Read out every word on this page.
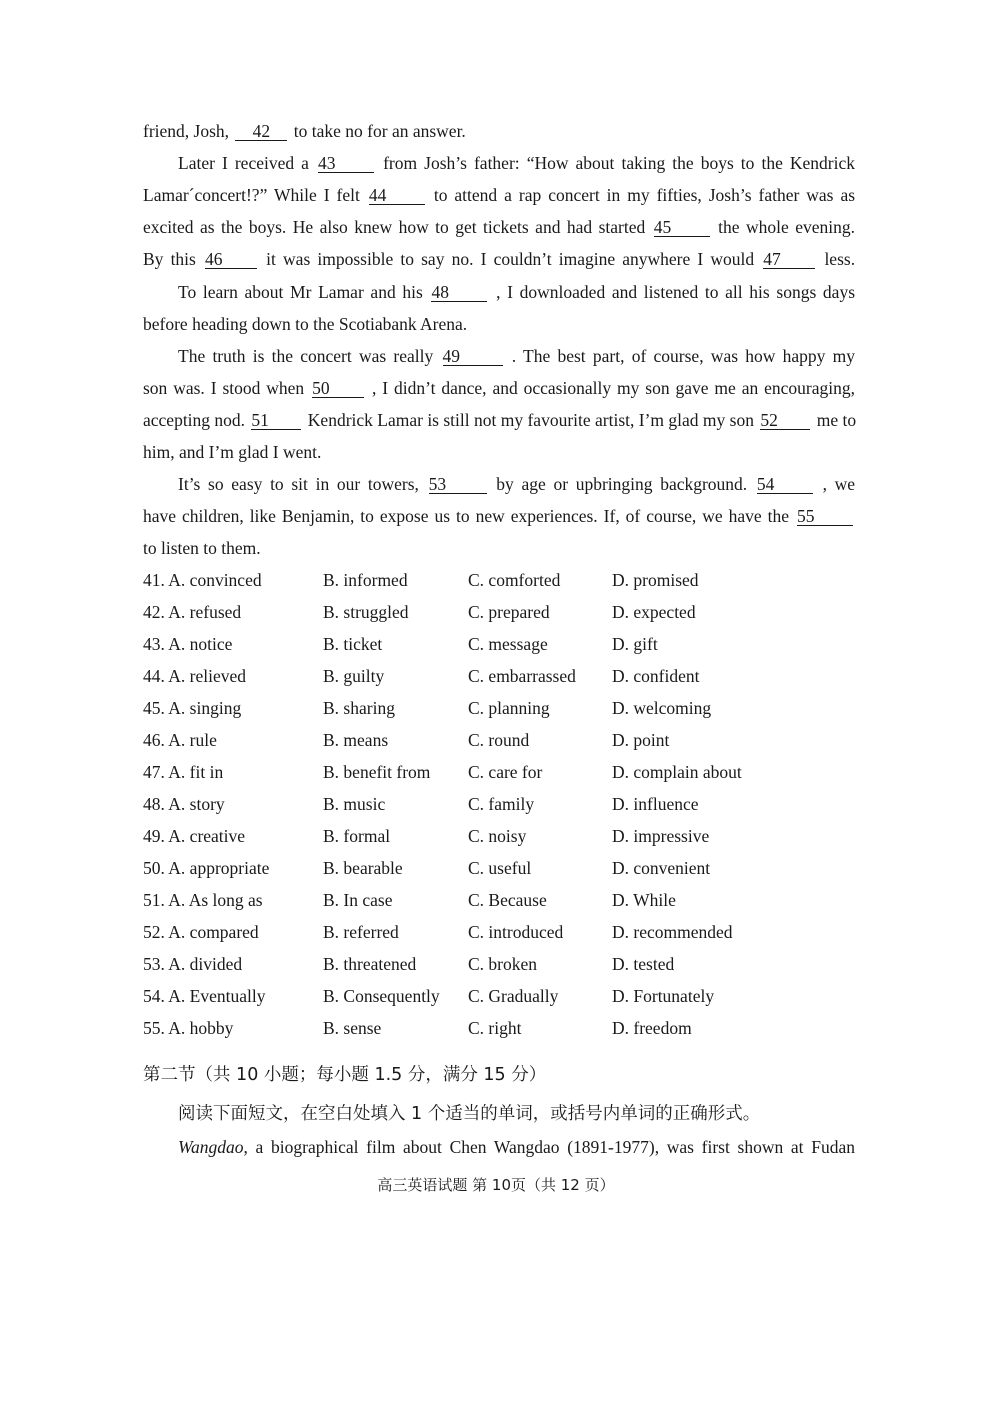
friend, Josh, 42 to take no for an answer.
Later I received a 43	from Josh’s father: “How about taking the boys to the Kendrick
Lamar´concert!?” While I felt 44	to attend a rap concert in my fifties, Josh’s father was as
excited as the boys. He also knew how to get tickets and had started 45	the whole evening.
By this 46 it was impossible to say no. I couldn’t imagine anywhere I would 47 less.
To learn about Mr Lamar and his 48	, I downloaded and listened to all his songs days
before heading down to the Scotiabank Arena.
The truth is the concert was really 49	. The best part, of course, was how happy my
son was. I stood when 50 , I didn’t dance, and occasionally my son gave me an encouraging,
accepting nod. 51 Kendrick Lamar is still not my favourite artist, I’m glad my son 52 me to
him, and I’m glad I went.
It’s so easy to sit in our towers, 53	by age or upbringing background. 54	, we
have children, like Benjamin, to expose us to new experiences. If, of course, we have the 55
to listen to them.
41. A. convinced	B. informed	C. comforted	D. promised
42. A. refused	B. struggled	C. prepared	D. expected
43. A. notice	B. ticket	C. message	D. gift
44. A. relieved	B. guilty	C. embarrassed D. confident
45. A. singing	B. sharing	C. planning	D. welcoming
46. A. rule	B. means	C. round	D. point
47. A. fit in	B. benefit from C. care for	D. complain about
48. A. story	B. music	C. family	D. influence
49. A. creative	B. formal	C. noisy	D. impressive
50. A. appropriate	B. bearable	C. useful	D. convenient
51. A. As long as	B. In case	C. Because	D. While
52. A. compared	B. referred	C. introduced	D. recommended
53. A. divided	B. threatened	C. broken	D. tested
54. A. Eventually	B. Consequently C. Gradually	D. Fortunately
55. A. hobby	B. sense	C. right	D. freedom
第二节（共 10 小题；每小题 1.5 分，满分 15 分）
阅读下面短文，在空白处填入 1 个适当的单词，或括号内单词的正确形式。
Wangdao, a biographical film about Chen Wangdao (1891-1977), was first shown at Fudan
高三英语试题 第 10页（共 12 页）
